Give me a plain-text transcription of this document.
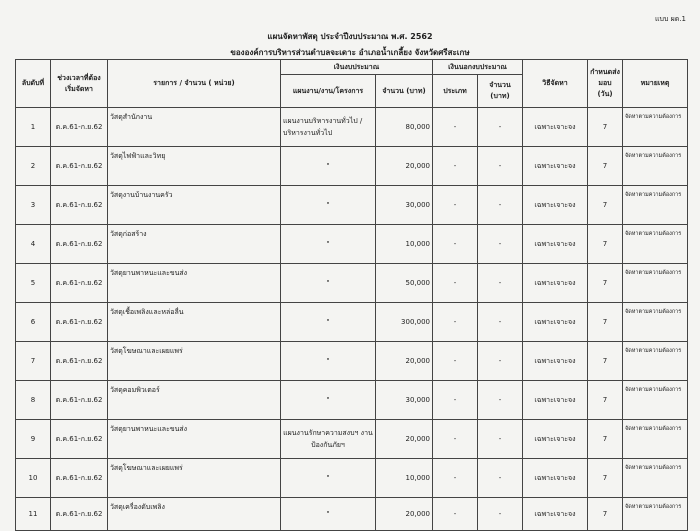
แบบ ผด.1
แผนจัดหาพัสดุ ประจำปีงบประมาณ พ.ศ. 2562
ขององค์การบริหารส่วนตำบลจะเดาะ อำเภอน้ำเกลี้ยง จังหวัดศรีสะเกษ
ลับดับที่	ช่วงเวลาที่ต้องเริ่มจัดหา	รายการ / จำนวน ( หน่วย)	เงินงบประมาณ		เงินนอกงบประมาณ		วิธีจัดหา	กำหนดส่งมอบ (วัน)	หมายเหตุ
			แผนงาน/งาน/โครงการ	จำนวน (บาท)	ประเภท	จำนวน (บาท)			
1	ต.ค.61-ก.ย.62	วัสดุสำนักงาน	แผนงานบริหารงานทั่วไป /บริหารงานทั่วไป	80,000	-	-	เฉพาะเจาะจง	7	จัดหาตามความต้องการ
2	ต.ค.61-ก.ย.62	วัสดุไฟฟ้าและวิทยุ	"	20,000	-	-	เฉพาะเจาะจง	7	จัดหาตามความต้องการ
3	ต.ค.61-ก.ย.62	วัสดุงานบ้านงานครัว	"	30,000	-	-	เฉพาะเจาะจง	7	จัดหาตามความต้องการ
4	ต.ค.61-ก.ย.62	วัสดุก่อสร้าง	"	10,000	-	-	เฉพาะเจาะจง	7	จัดหาตามความต้องการ
5	ต.ค.61-ก.ย.62	วัสดุยานพาหนะและขนส่ง	"	50,000	-	-	เฉพาะเจาะจง	7	จัดหาตามความต้องการ
6	ต.ค.61-ก.ย.62	วัสดุเชื้อเพลิงและหล่อลื่น	"	300,000	-	-	เฉพาะเจาะจง	7	จัดหาตามความต้องการ
7	ต.ค.61-ก.ย.62	วัสดุโฆษณาและเผยแพร่	"	20,000	-	-	เฉพาะเจาะจง	7	จัดหาตามความต้องการ
8	ต.ค.61-ก.ย.62	วัสดุคอมพิวเตอร์	"	30,000	-	-	เฉพาะเจาะจง	7	จัดหาตามความต้องการ
9	ต.ค.61-ก.ย.62	วัสดุยานพาหนะและขนส่ง	แผนงานรักษาความสงบฯ งานป้องกันภัยฯ	20,000	-	-	เฉพาะเจาะจง	7	จัดหาตามความต้องการ
10	ต.ค.61-ก.ย.62	วัสดุโฆษณาและเผยแพร่	"	10,000	-	-	เฉพาะเจาะจง	7	จัดหาตามความต้องการ
11	ต.ค.61-ก.ย.62	วัสดุเครื่องดับเพลิง	"	20,000	-	-	เฉพาะเจาะจง	7	จัดหาตามความต้องการ
